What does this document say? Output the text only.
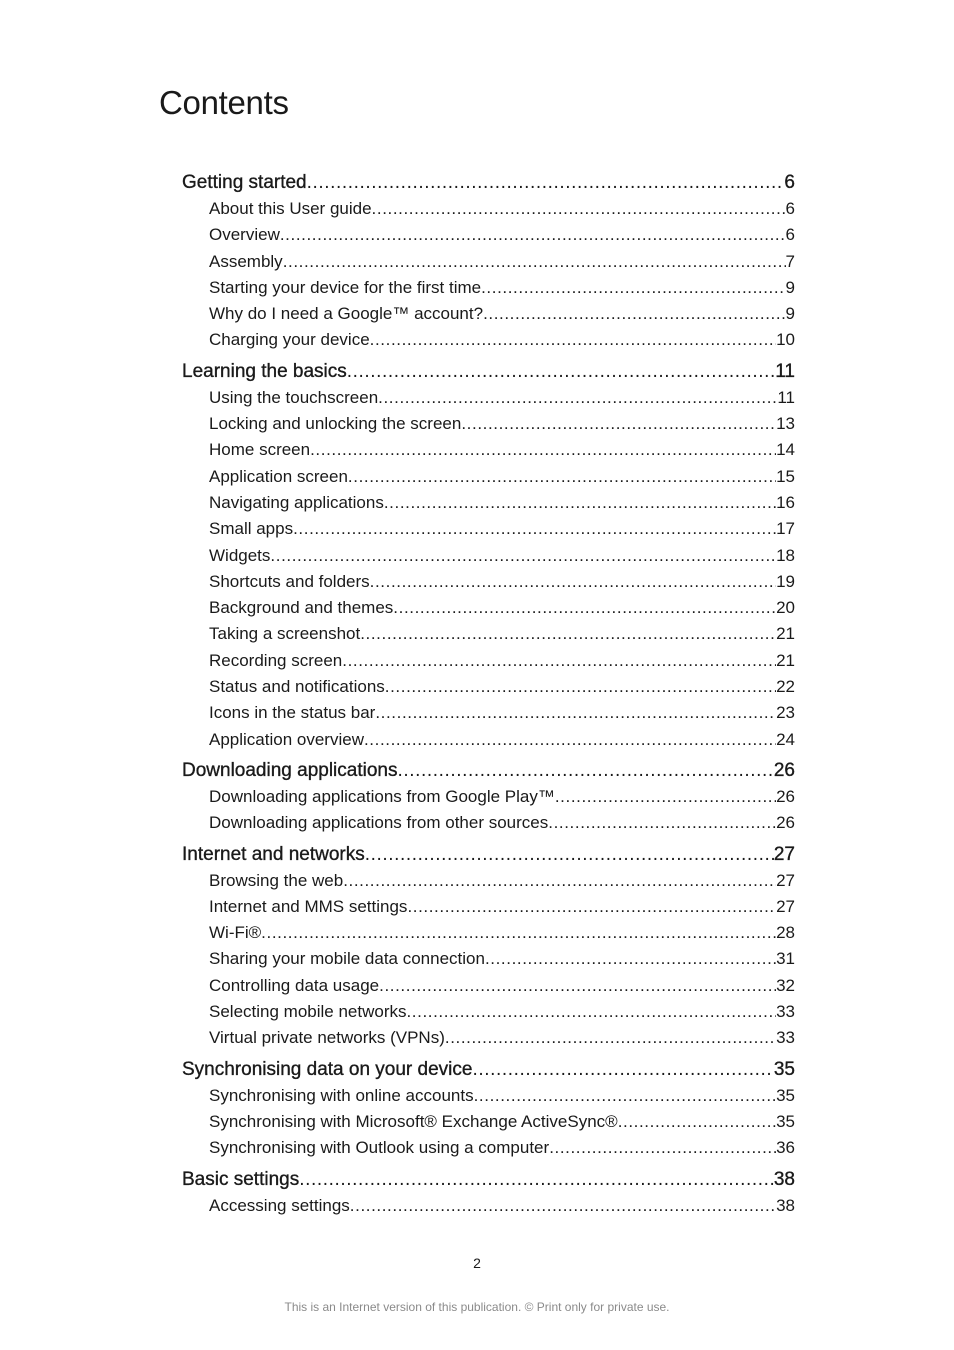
Contents
Getting started .....	6
About this User guide .....	6
Overview .....	6
Assembly .....	7
Starting your device for the first time .....	9
Why do I need a Google™ account? .....	9
Charging your device .....	10
Learning the basics .....	11
Using the touchscreen .....	11
Locking and unlocking the screen .....	13
Home screen .....	14
Application screen .....	15
Navigating applications .....	16
Small apps .....	17
Widgets .....	18
Shortcuts and folders .....	19
Background and themes .....	20
Taking a screenshot .....	21
Recording screen .....	21
Status and notifications .....	22
Icons in the status bar .....	23
Application overview .....	24
Downloading applications .....	26
Downloading applications from Google Play™ .....	26
Downloading applications from other sources .....	26
Internet and networks .....	27
Browsing the web .....	27
Internet and MMS settings .....	27
Wi-Fi® .....	28
Sharing your mobile data connection .....	31
Controlling data usage .....	32
Selecting mobile networks .....	33
Virtual private networks (VPNs) .....	33
Synchronising data on your device .....	35
Synchronising with online accounts .....	35
Synchronising with Microsoft® Exchange ActiveSync® .....	35
Synchronising with Outlook using a computer .....	36
Basic settings .....	38
Accessing settings .....	38
2
This is an Internet version of this publication. © Print only for private use.
